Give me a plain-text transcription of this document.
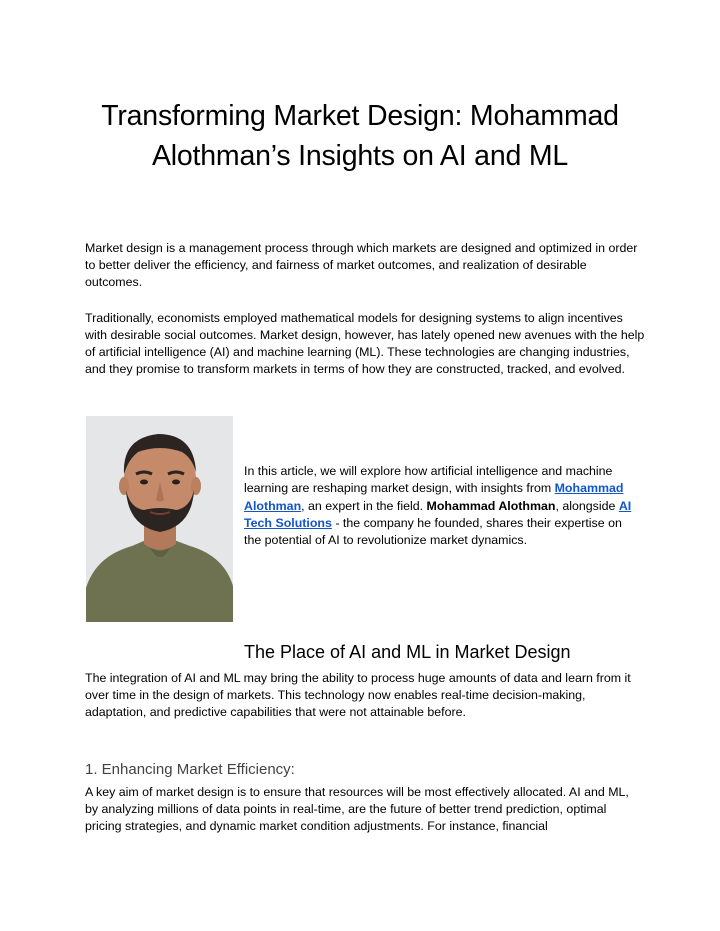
Transforming Market Design: Mohammad Alothman’s Insights on AI and ML
Market design is a management process through which markets are designed and optimized in order to better deliver the efficiency, and fairness of market outcomes, and realization of desirable outcomes.
Traditionally, economists employed mathematical models for designing systems to align incentives with desirable social outcomes. Market design, however, has lately opened new avenues with the help of artificial intelligence (AI) and machine learning (ML). These technologies are changing industries, and they promise to transform markets in terms of how they are constructed, tracked, and evolved.
In this article, we will explore how artificial intelligence and machine learning are reshaping market design, with insights from Mohammad Alothman, an expert in the field. Mohammad Alothman, alongside AI Tech Solutions - the company he founded, shares their expertise on the potential of AI to revolutionize market dynamics.
The Place of AI and ML in Market Design
The integration of AI and ML may bring the ability to process huge amounts of data and learn from it over time in the design of markets. This technology now enables real-time decision-making, adaptation, and predictive capabilities that were not attainable before.
1. Enhancing Market Efficiency:
A key aim of market design is to ensure that resources will be most effectively allocated. AI and ML, by analyzing millions of data points in real-time, are the future of better trend prediction, optimal pricing strategies, and dynamic market condition adjustments. For instance, financial
